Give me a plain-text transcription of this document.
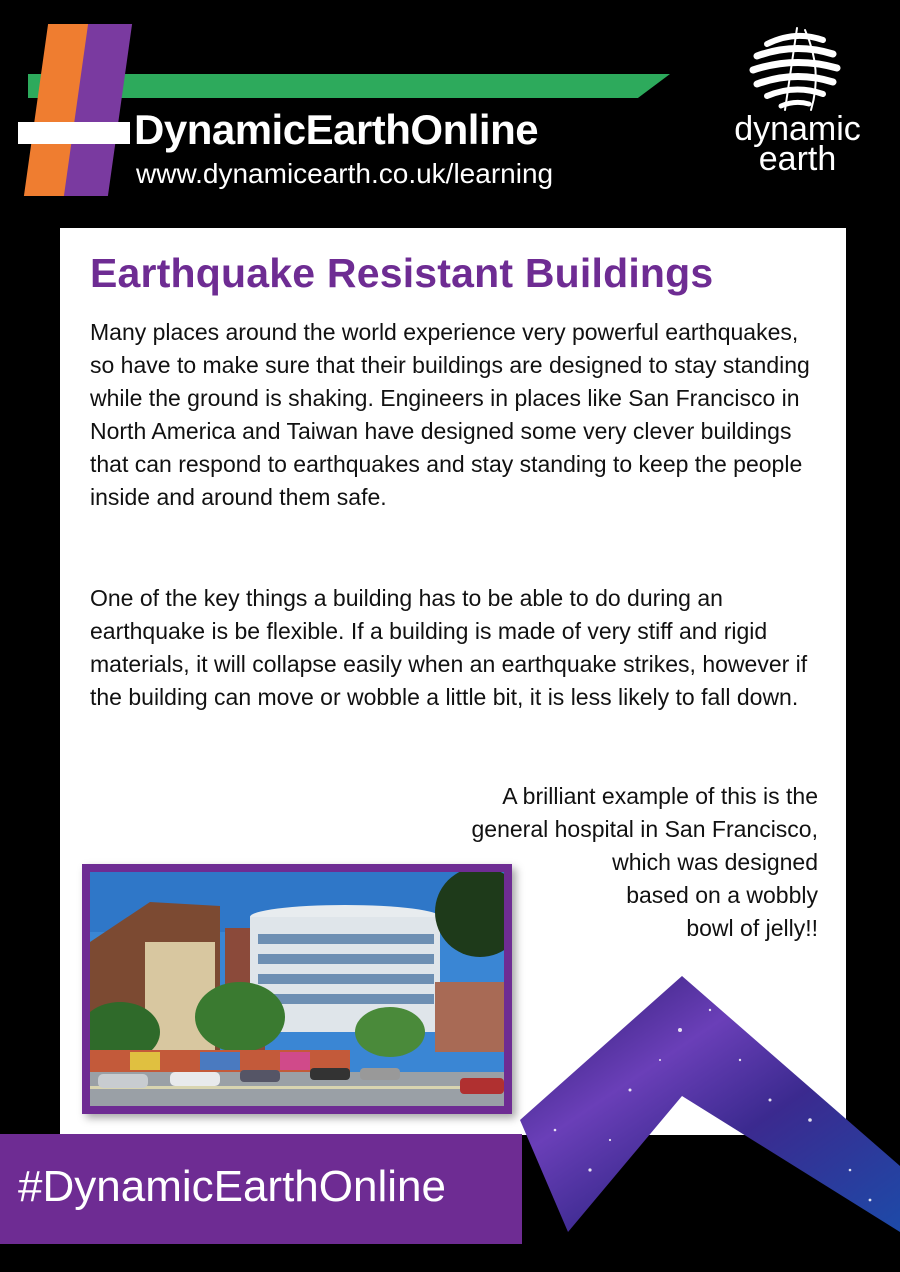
DynamicEarthOnline
www.dynamicearth.co.uk/learning
dynamic
earth
Earthquake Resistant Buildings

Many places around the world experience very powerful earthquakes, so have to make sure that their buildings are designed to stay standing while the ground is shaking. Engineers in places like San Francisco in North America and Taiwan have designed some very clever buildings that can respond to earthquakes and stay standing to keep the people inside and around them safe.

One of the key things a building has to be able to do during an earthquake is be flexible. If a building is made of very stiff and rigid materials, it will collapse easily when an earthquake strikes, however if the building can move or wobble a little bit, it is less likely to fall down.

A brilliant example of this is the
general hospital in San Francisco,
which was designed
based on a wobbly
bowl of jelly!!
#DynamicEarthOnline
